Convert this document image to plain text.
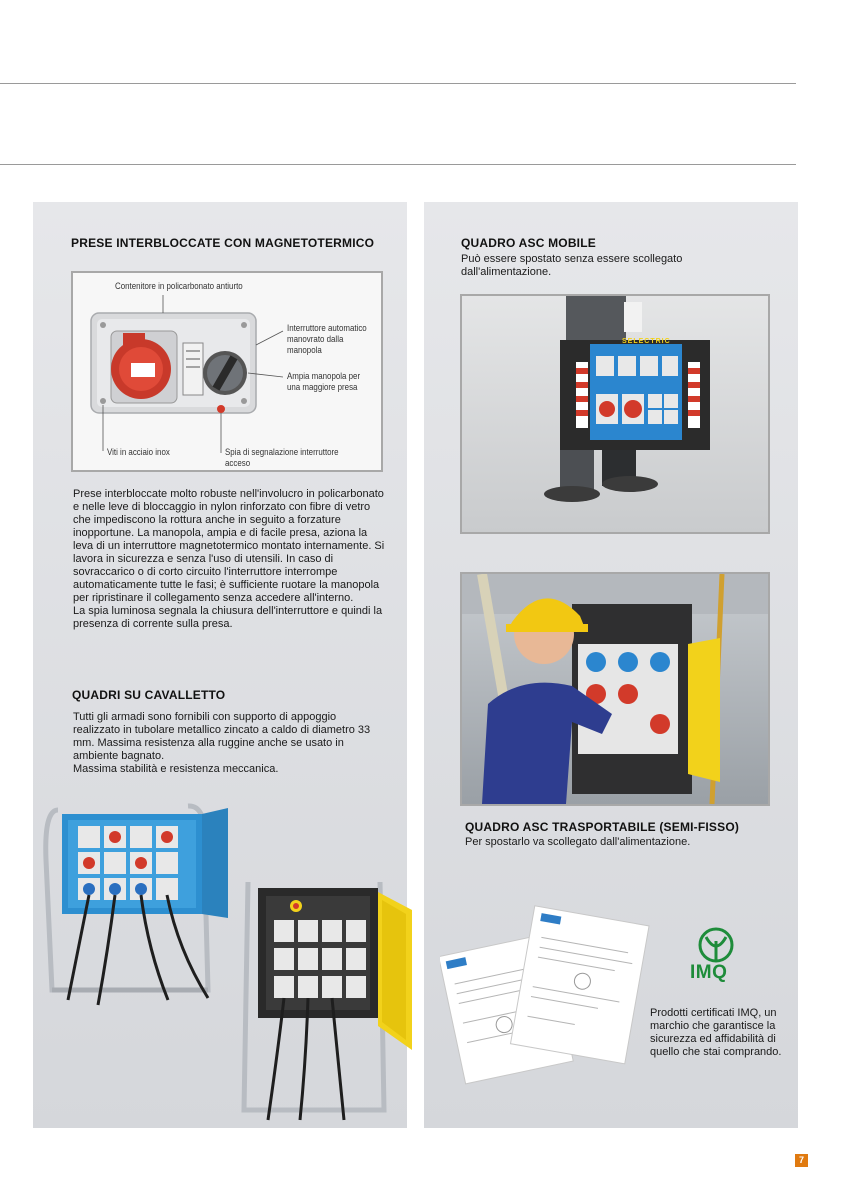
PRESE INTERBLOCCATE CON MAGNETOTERMICO
Contenitore in policarbonato antiurto
Interruttore automatico manovrato dalla manopola
Ampia manopola per una maggiore presa
Viti in acciaio inox	Spia di segnalazione interruttore acceso

Prese interbloccate molto robuste nell'involucro in policarbonato e nelle leve di bloccaggio in nylon rinforzato con fibre di vetro che impediscono la rottura anche in seguito a forzature inopportune. La manopola, ampia e di facile presa, aziona la leva di un interruttore magnetotermico montato internamente. Si lavora in sicurezza e senza l'uso di utensili. In caso di sovraccarico o di corto circuito l'interruttore interrompe automaticamente tutte le fasi; è sufficiente ruotare la manopola per ripristinare il collegamento senza accedere all'interno.

La spia luminosa segnala la chiusura dell'interruttore e quindi la presenza di corrente sulla presa.

QUADRI SU CAVALLETTO

Tutti gli armadi sono fornibili con supporto di appoggio realizzato in tubolare metallico zincato a caldo di diametro 33 mm. Massima resistenza alla ruggine anche se usato in ambiente bagnato.

Massima stabilità e resistenza meccanica.

QUADRO ASC MOBILE
Può essere spostato senza essere scollegato dall'alimentazione.
SELECTRIC
QUADRO ASC TRASPORTABILE (SEMI-FISSO)
Per spostarlo va scollegato dall'alimentazione.
IMQ
Prodotti certificati IMQ, un marchio che garantisce la sicurezza ed affidabilità di quello che stai comprando.
7
